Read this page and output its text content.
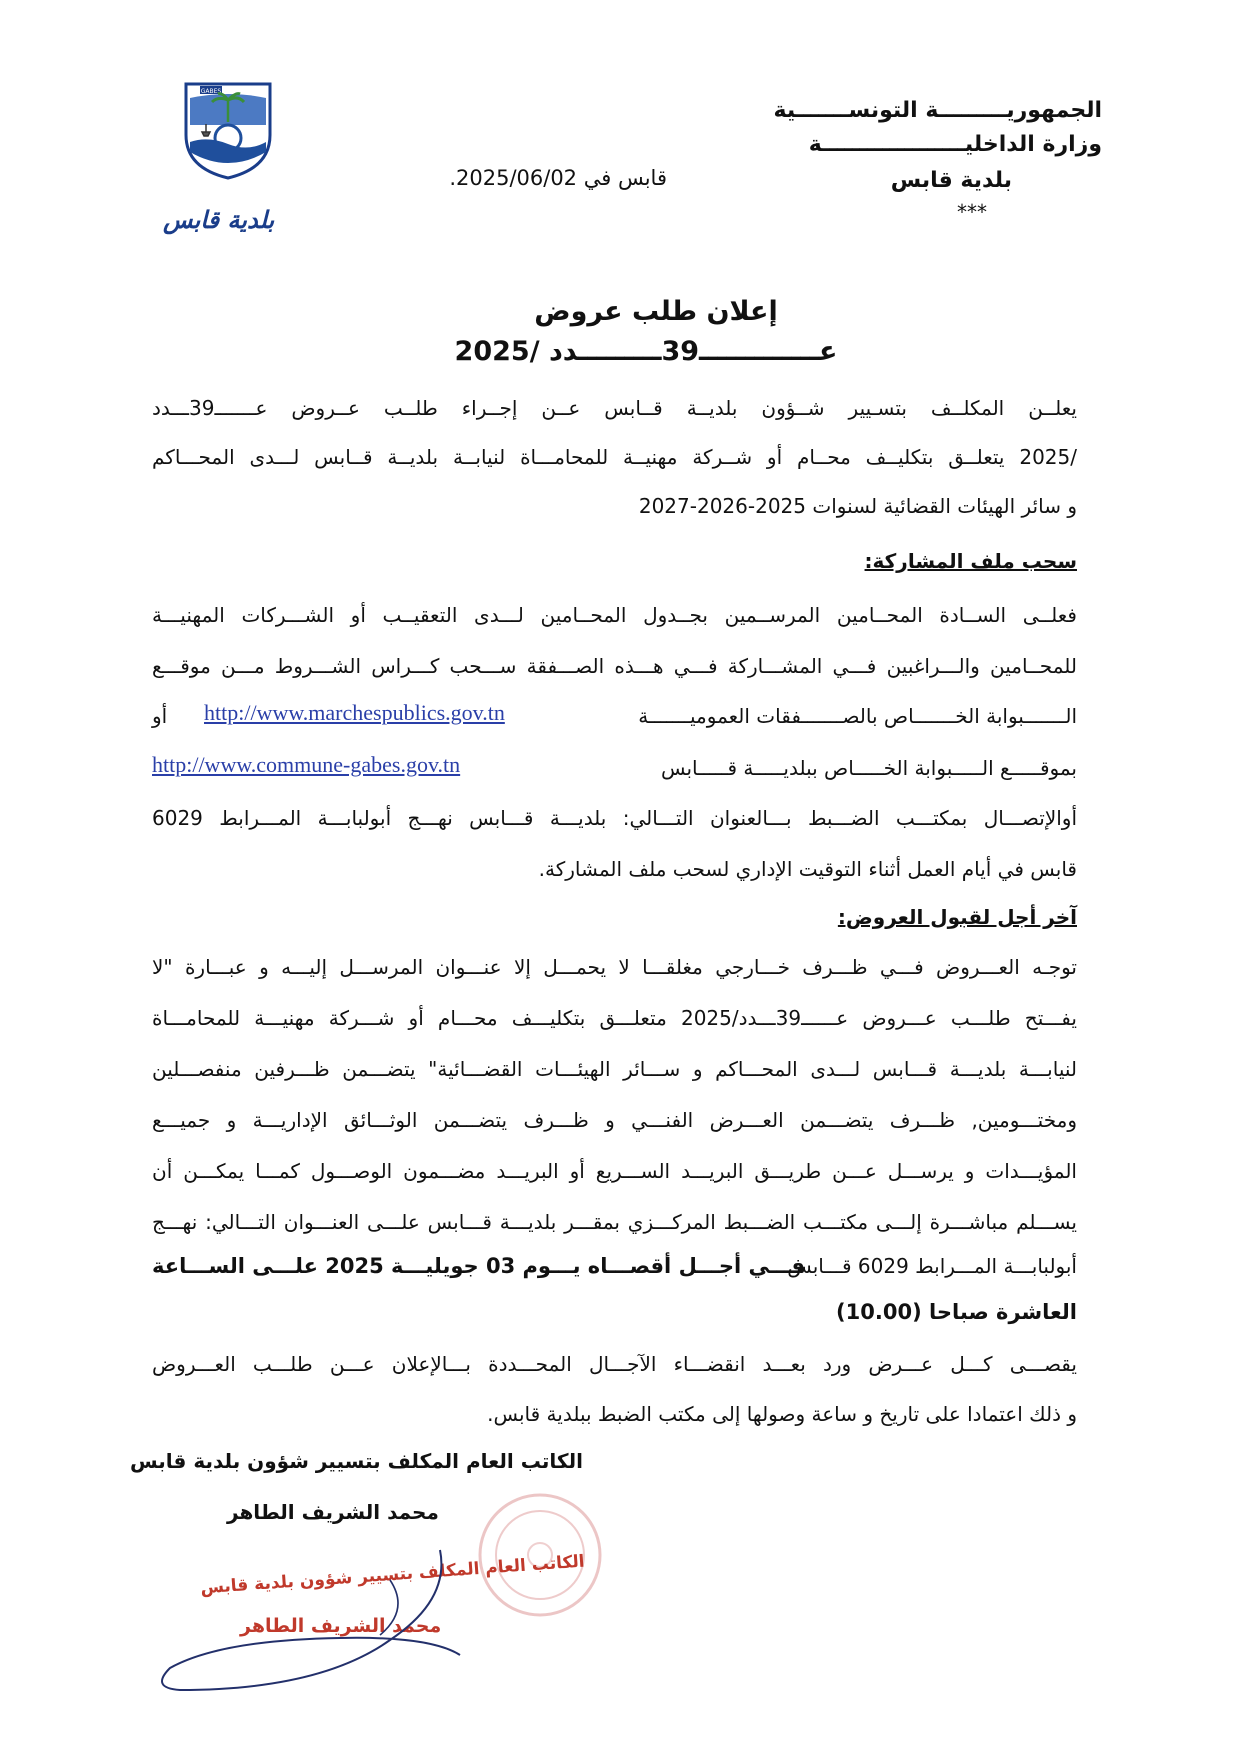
الجمهوريـــــــــة التونســـــــية
وزارة الداخليـــــــــــــــــــة
بلدية قابس
***
قابس في 2025/06/02.
GABES
بلدية قابس
إعلان طلب عروض
عـــــــــــــ39ـــــــــدد /2025
يعلــن المكلــف بتسـيير شــؤون بلديــة قــابس عــن إجــراء طلــب عــروض عـــــــ39ـــدد
/2025 يتعلــق بتكليــف محــام أو شــركة مهنيــة للمحامـــاة لنيابــة بلديــة قــابس لـــدى المحـــاكم
و سائر الهيئات القضائية لسنوات 2025-2026-2027
سحب ملف المشاركة:
فعلــى الســادة المحــامين المرســمين بجــدول المحــامين لـــدى التعقيــب أو الشـــركات المهنيـــة
للمحــامين والـــراغبين فـــي المشـــاركة فـــي هـــذه الصـــفقة ســـحب كـــراس الشـــروط مـــن موقـــع
الـــــــبوابة الخـــــــاص بالصـــــــفقات العموميـــــــة
http://www.marchespublics.gov.tn
أو
بموقـــــع الـــــبوابة الخـــــاص ببلديـــــة قـــــابس
http://www.commune-gabes.gov.tn
أوالإتصـــال بمكتـــب الضـــبط بـــالعنوان التـــالي: بلديـــة قـــابس نهـــج أبولبابـــة المـــرابط 6029
قابس في أيام العمل أثناء التوقيت الإداري لسحب ملف المشاركة.
آخر أجل لقبول العروض:
توجـه العـــروض فـــي ظـــرف خـــارجي مغلقـــا لا يحمـــل إلا عنـــوان المرســـل إليـــه و عبـــارة "لا
يفـــتح طلـــب عـــروض عــــــ39ـــدد/2025 متعلـــق بتكليـــف محـــام أو شـــركة مهنيـــة للمحامـــاة
لنيابـــة بلديـــة قـــابس لـــدى المحـــاكم و ســـائر الهيئـــات القضـــائية" يتضـــمن ظـــرفين منفصـــلين
ومختـــومين, ظـــرف يتضـــمن العـــرض الفنـــي و ظـــرف يتضـــمن الوثـــائق الإداريـــة و جميـــع
المؤيـــدات و يرســـل عـــن طريـــق البريـــد الســـريع أو البريـــد مضـــمون الوصـــول كمـــا يمكـــن أن
يســـلم مباشـــرة إلـــى مكتـــب الضـــبط المركـــزي بمقـــر بلديـــة قـــابس علـــى العنـــوان التـــالي: نهـــج
أبولبابـــة المـــرابط 6029 قـــابس
فـــي أجـــل أقصـــاه يـــوم 03 جويليـــة 2025 علـــى الســـاعة
العاشرة صباحا (10.00)
يقصـــى كـــل عـــرض ورد بعـــد انقضـــاء الآجـــال المحـــددة بـــالإعلان عـــن طلـــب العـــروض
و ذلك اعتمادا على تاريخ و ساعة وصولها إلى مكتب الضبط ببلدية قابس.
الكاتب العام المكلف بتسيير شؤون بلدية قابس
محمد الشريف الطاهر
الكاتب العام المكلف بتسيير شؤون بلدية قابس
محمد الشريف الطاهر
